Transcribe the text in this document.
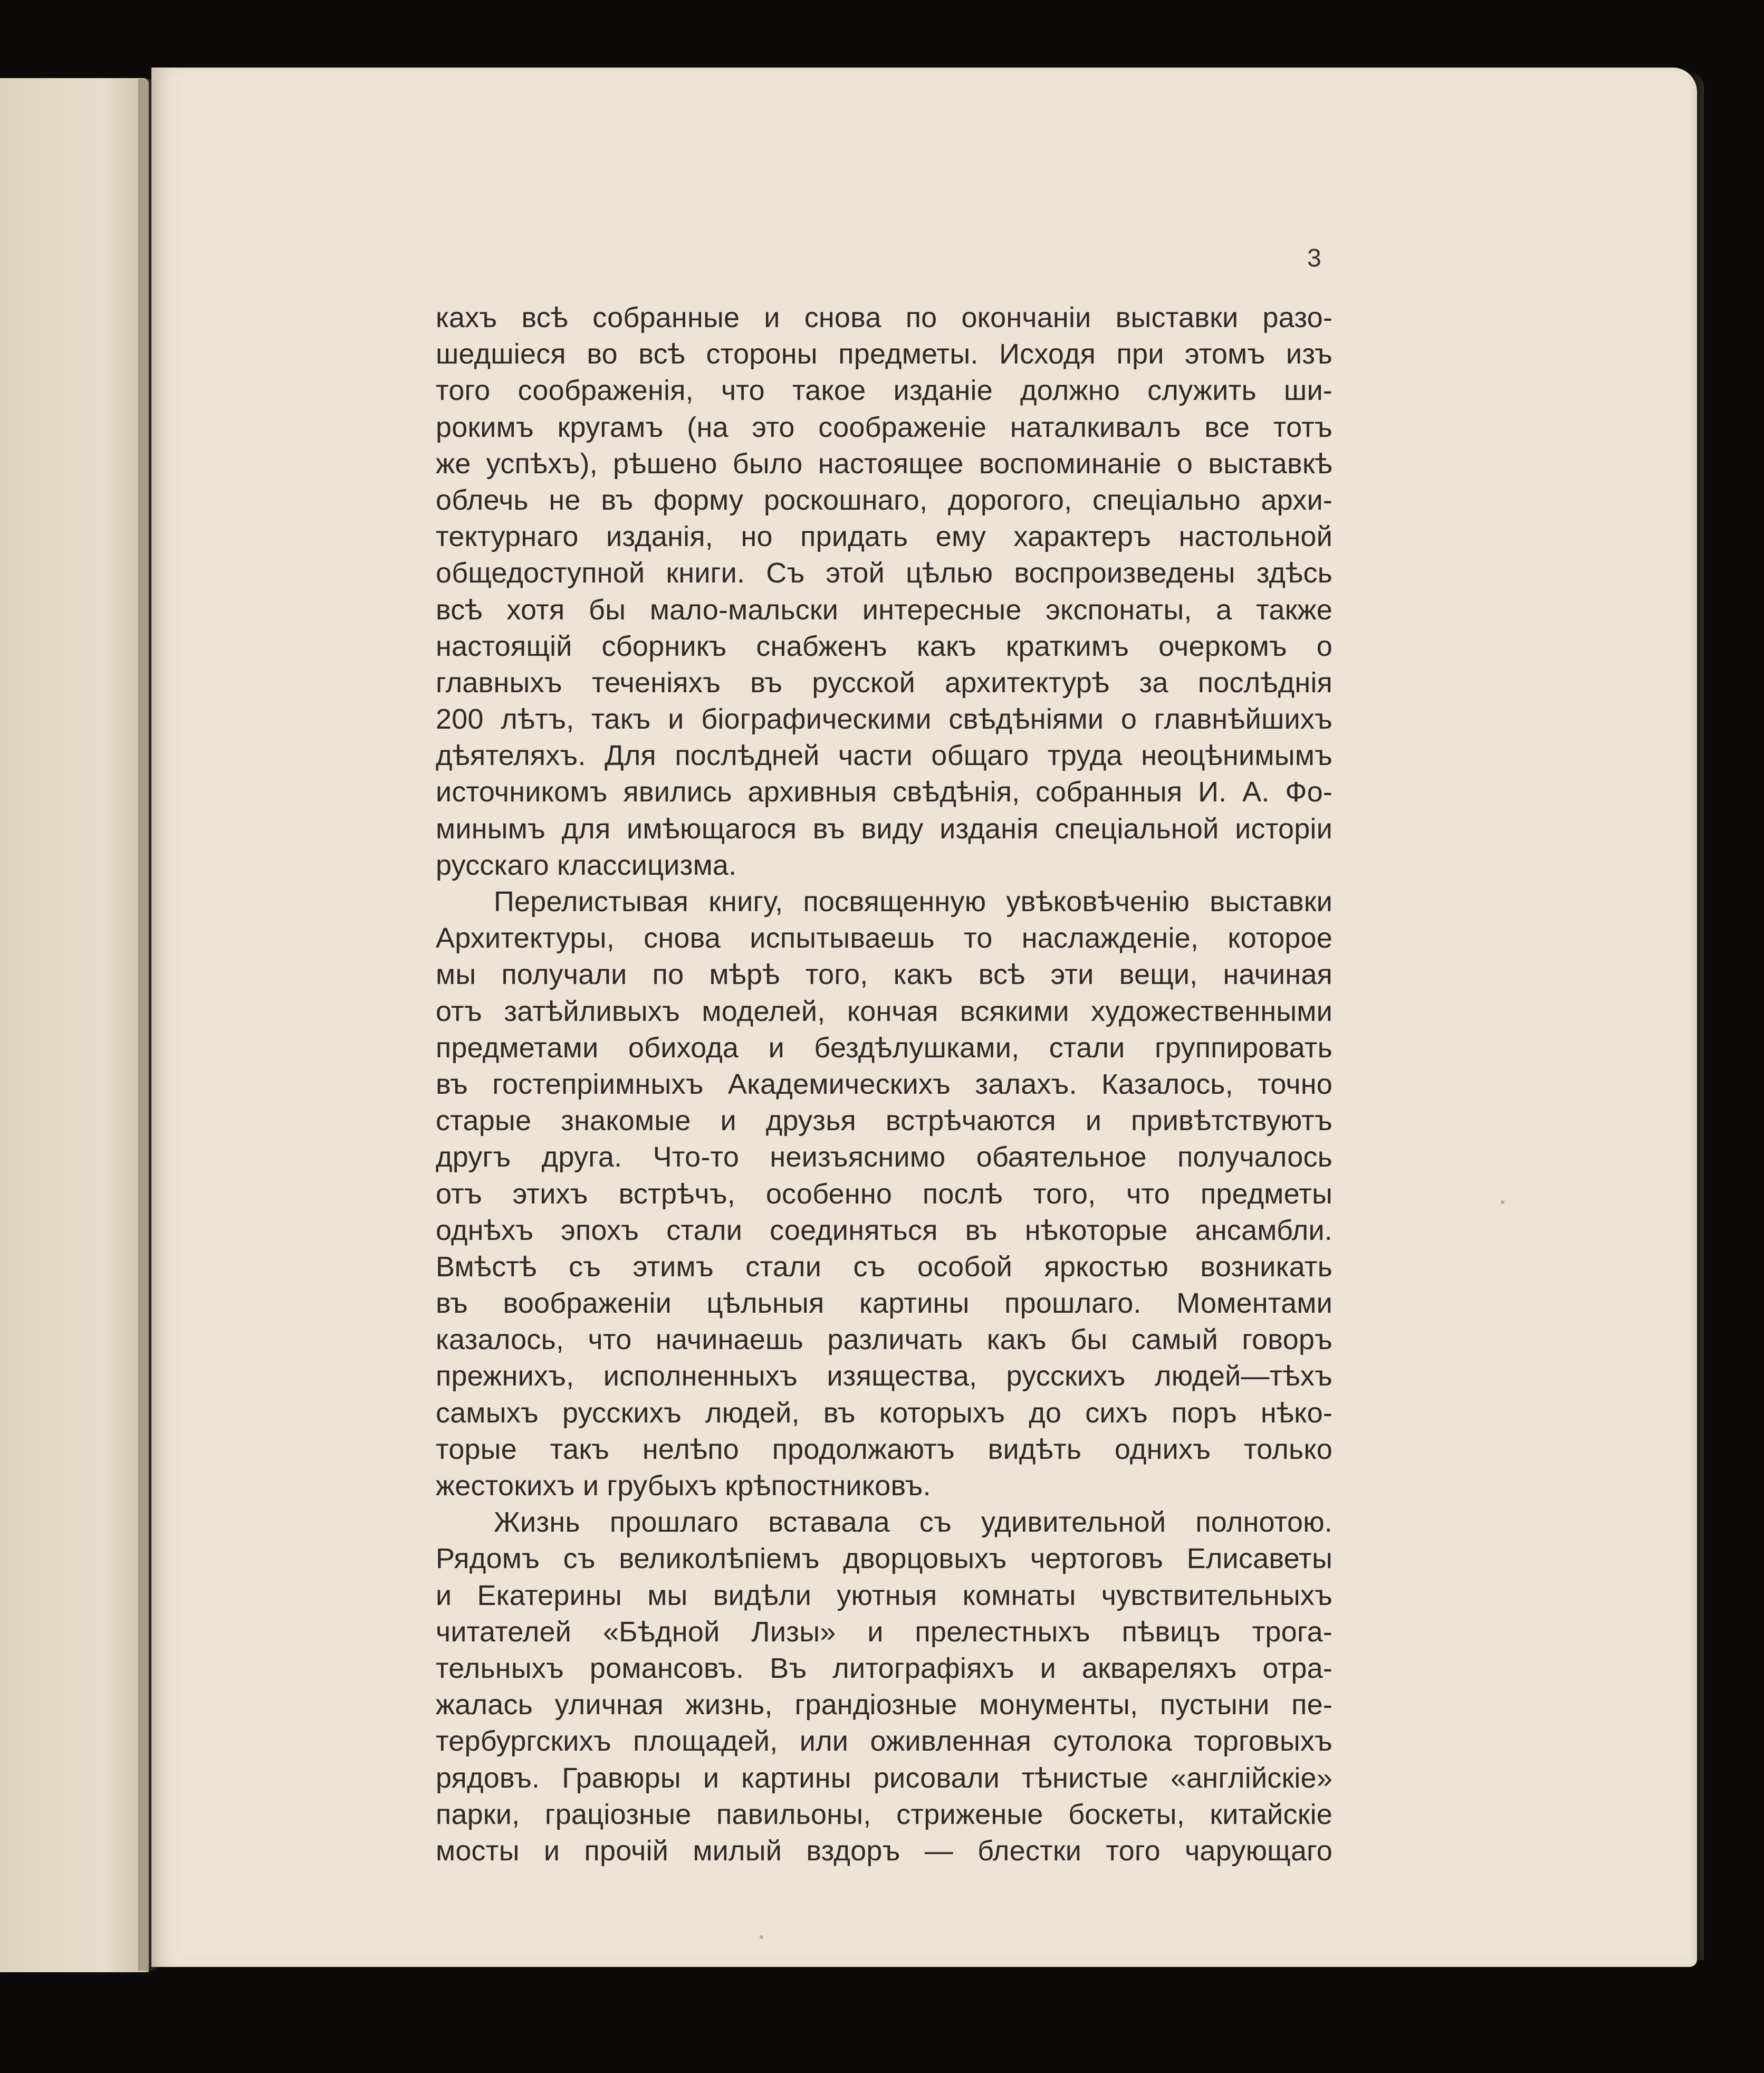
3
кахъ всѣ собранные и снова по окончаніи выставки разо-
шедшіеся во всѣ стороны предметы. Исходя при этомъ изъ
того соображенія, что такое изданіе должно служить ши-
рокимъ кругамъ (на это соображеніе наталкивалъ все тотъ
же успѣхъ), рѣшено было настоящее воспоминаніе о выставкѣ
облечь не въ форму роскошнаго, дорогого, спеціально архи-
тектурнаго изданія, но придать ему характеръ настольной
общедоступной книги. Съ этой цѣлью воспроизведены здѣсь
всѣ хотя бы мало-мальски интересные экспонаты, а также
настоящій сборникъ снабженъ какъ краткимъ очеркомъ о
главныхъ теченіяхъ въ русской архитектурѣ за послѣднія
200 лѣтъ, такъ и біографическими свѣдѣніями о главнѣйшихъ
дѣятеляхъ. Для послѣдней части общаго труда неоцѣнимымъ
источникомъ явились архивныя свѣдѣнія, собранныя И. А. Фо-
минымъ для имѣющагося въ виду изданія спеціальной исторіи
русскаго классицизма.
Перелистывая книгу, посвященную увѣковѣченію выставки
Архитектуры, снова испытываешь то наслажденіе, которое
мы получали по мѣрѣ того, какъ всѣ эти вещи, начиная
отъ затѣйливыхъ моделей, кончая всякими художественными
предметами обихода и бездѣлушками, стали группировать
въ гостепріимныхъ Академическихъ залахъ. Казалось, точно
старые знакомые и друзья встрѣчаются и привѣтствуютъ
другъ друга. Что-то неизъяснимо обаятельное получалось
отъ этихъ встрѣчъ, особенно послѣ того, что предметы
однѣхъ эпохъ стали соединяться въ нѣкоторые ансамбли.
Вмѣстѣ съ этимъ стали съ особой яркостью возникать
въ воображеніи цѣльныя картины прошлаго. Моментами
казалось, что начинаешь различать какъ бы самый говоръ
прежнихъ, исполненныхъ изящества, русскихъ людей—тѣхъ
самыхъ русскихъ людей, въ которыхъ до сихъ поръ нѣко-
торые такъ нелѣпо продолжаютъ видѣть однихъ только
жестокихъ и грубыхъ крѣпостниковъ.
Жизнь прошлаго вставала съ удивительной полнотою.
Рядомъ съ великолѣпіемъ дворцовыхъ чертоговъ Елисаветы
и Екатерины мы видѣли уютныя комнаты чувствительныхъ
читателей «Бѣдной Лизы» и прелестныхъ пѣвицъ трога-
тельныхъ романсовъ. Въ литографіяхъ и аквареляхъ отра-
жалась уличная жизнь, грандіозные монументы, пустыни пе-
тербургскихъ площадей, или оживленная сутолока торговыхъ
рядовъ. Гравюры и картины рисовали тѣнистые «англійскіе»
парки, граціозные павильоны, стриженые боскеты, китайскіе
мосты и прочій милый вздоръ — блестки того чарующаго
